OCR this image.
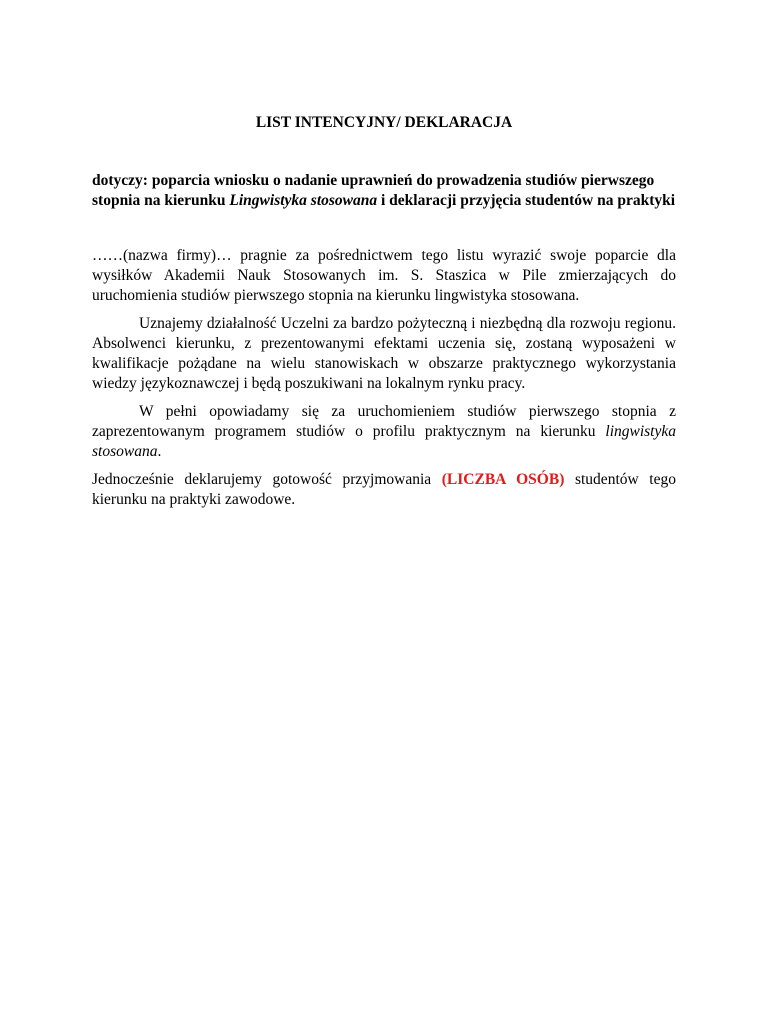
LIST INTENCYJNY/ DEKLARACJA

dotyczy: poparcia wniosku o nadanie uprawnień do prowadzenia studiów pierwszego stopnia na kierunku Lingwistyka stosowana i deklaracji przyjęcia studentów na praktyki

……(nazwa firmy)… pragnie za pośrednictwem tego listu wyrazić swoje poparcie dla wysiłków Akademii Nauk Stosowanych im. S. Staszica w Pile zmierzających do uruchomienia studiów pierwszego stopnia na kierunku lingwistyka stosowana.

Uznajemy działalność Uczelni za bardzo pożyteczną i niezbędną dla rozwoju regionu. Absolwenci kierunku, z prezentowanymi efektami uczenia się, zostaną wyposażeni w kwalifikacje pożądane na wielu stanowiskach w obszarze praktycznego wykorzystania wiedzy językoznawczej i będą poszukiwani na lokalnym rynku pracy.

W pełni opowiadamy się za uruchomieniem studiów pierwszego stopnia z zaprezentowanym programem studiów o profilu praktycznym na kierunku lingwistyka stosowana.

Jednocześnie deklarujemy gotowość przyjmowania (LICZBA OSÓB) studentów tego kierunku na praktyki zawodowe.
